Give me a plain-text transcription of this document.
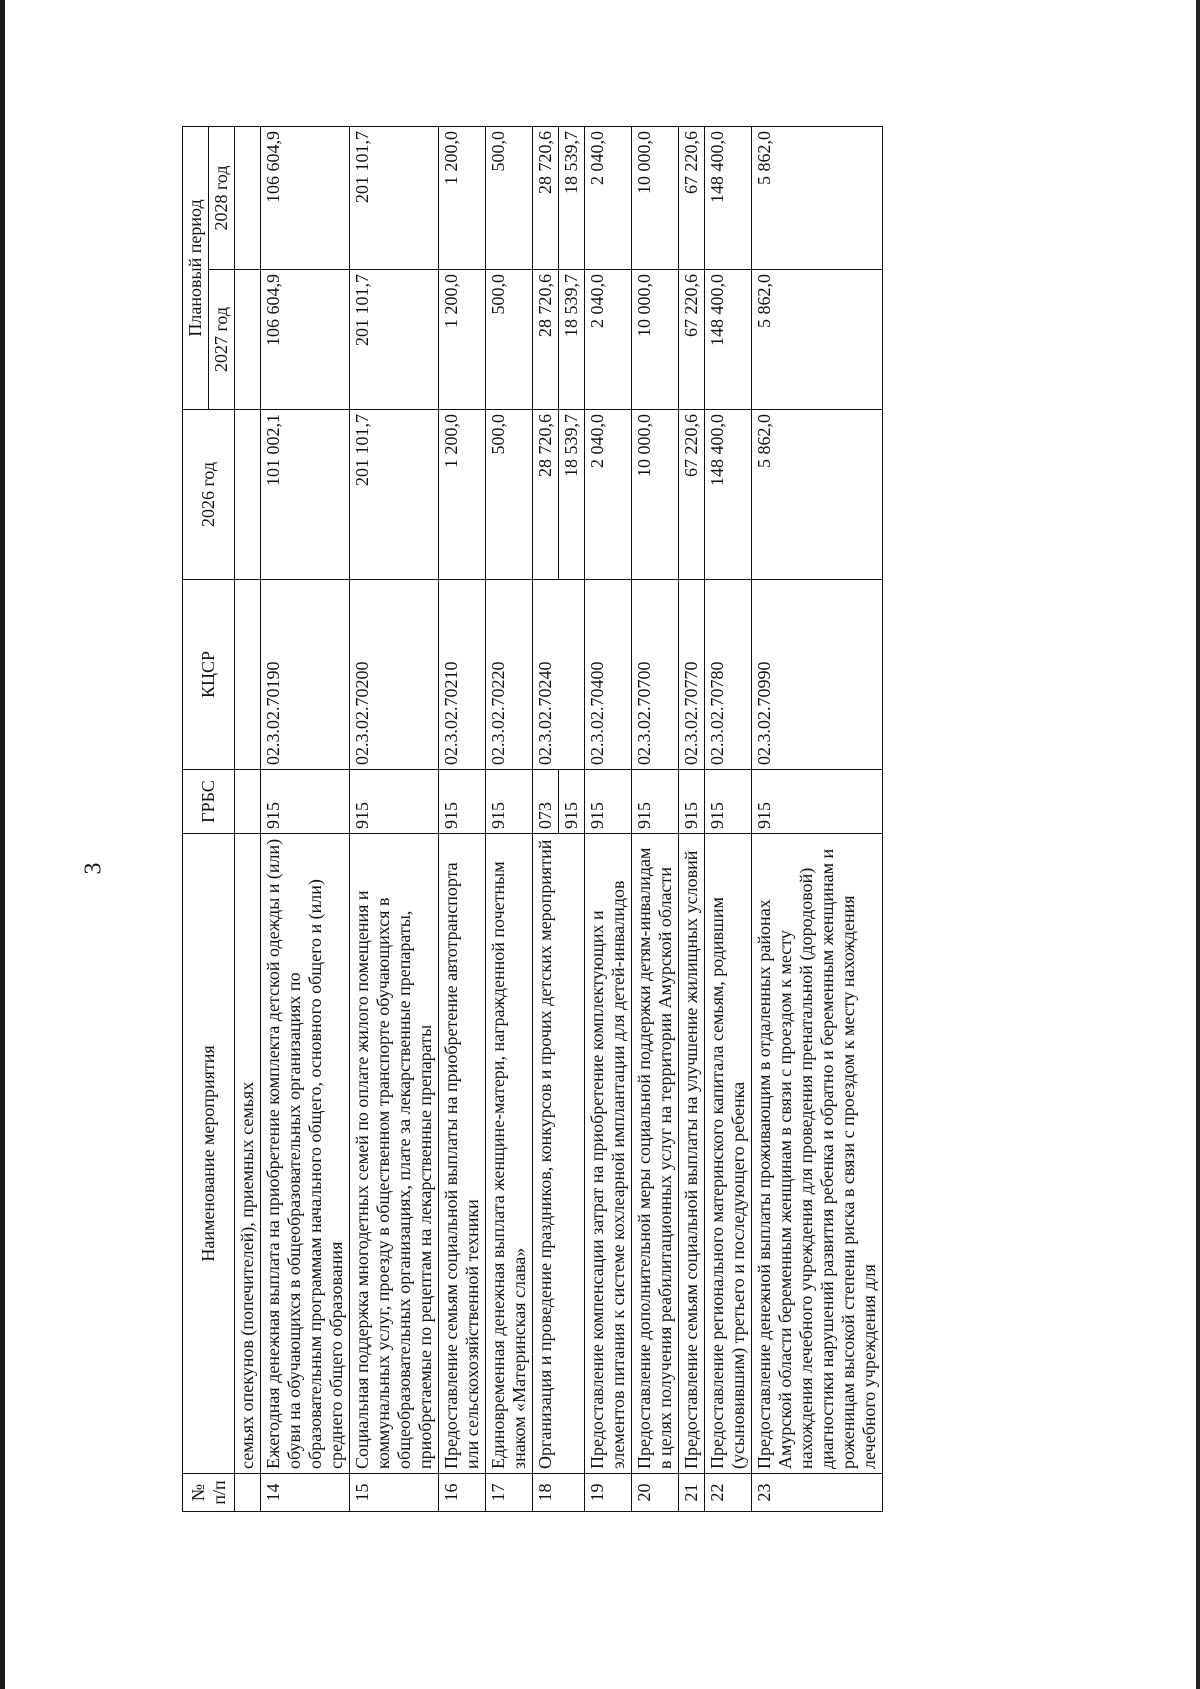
3
№ п/п	Наименование мероприятия	ГРБС	КЦСР	2026 год	Плановый период	
					2027 год	2028 год
	семьях опекунов (попечителей), приемных семьях					
14	Ежегодная денежная выплата на приобретение комплекта детской одежды и (или) обуви на обучающихся в общеобразовательных организациях по образовательным программам начального общего, основного общего и (или) среднего общего образования	915	02.3.02.70190	101 002,1	106 604,9	106 604,9
15	Социальная поддержка многодетных семей по оплате жилого помещения и коммунальных услуг, проезду в общественном транспорте обучающихся в общеобразовательных организациях, плате за лекарственные препараты, приобретаемые по рецептам на лекарственные препараты	915	02.3.02.70200	201 101,7	201 101,7	201 101,7
16	Предоставление семьям социальной выплаты на приобретение автотранспорта или сельскохозяйственной техники	915	02.3.02.70210	1 200,0	1 200,0	1 200,0
17	Единовременная денежная выплата женщине-матери, награжденной почетным знаком «Материнская слава»	915	02.3.02.70220	500,0	500,0	500,0
18	Организация и проведение праздников, конкурсов и прочих детских мероприятий	073	02.3.02.70240	28 720,6	28 720,6	28 720,6
		915		18 539,7	18 539,7	18 539,7
19	Предоставление компенсации затрат на приобретение комплектующих и элементов питания к системе кохлеарной имплантации для детей-инвалидов	915	02.3.02.70400	2 040,0	2 040,0	2 040,0
20	Предоставление дополнительной меры социальной поддержки детям-инвалидам в целях получения реабилитационных услуг на территории Амурской области	915	02.3.02.70700	10 000,0	10 000,0	10 000,0
21	Предоставление семьям социальной выплаты на улучшение жилищных условий	915	02.3.02.70770	67 220,6	67 220,6	67 220,6
22	Предоставление регионального материнского капитала семьям, родившим (усыновившим) третьего и последующего ребенка	915	02.3.02.70780	148 400,0	148 400,0	148 400,0
23	Предоставление денежной выплаты проживающим в отдаленных районах Амурской области беременным женщинам в связи с проездом к месту нахождения лечебного учреждения для проведения пренатальной (дородовой) диагностики нарушений развития ребенка и обратно и беременным женщинам и роженицам высокой степени риска в связи с проездом к месту нахождения лечебного учреждения для	915	02.3.02.70990	5 862,0	5 862,0	5 862,0
